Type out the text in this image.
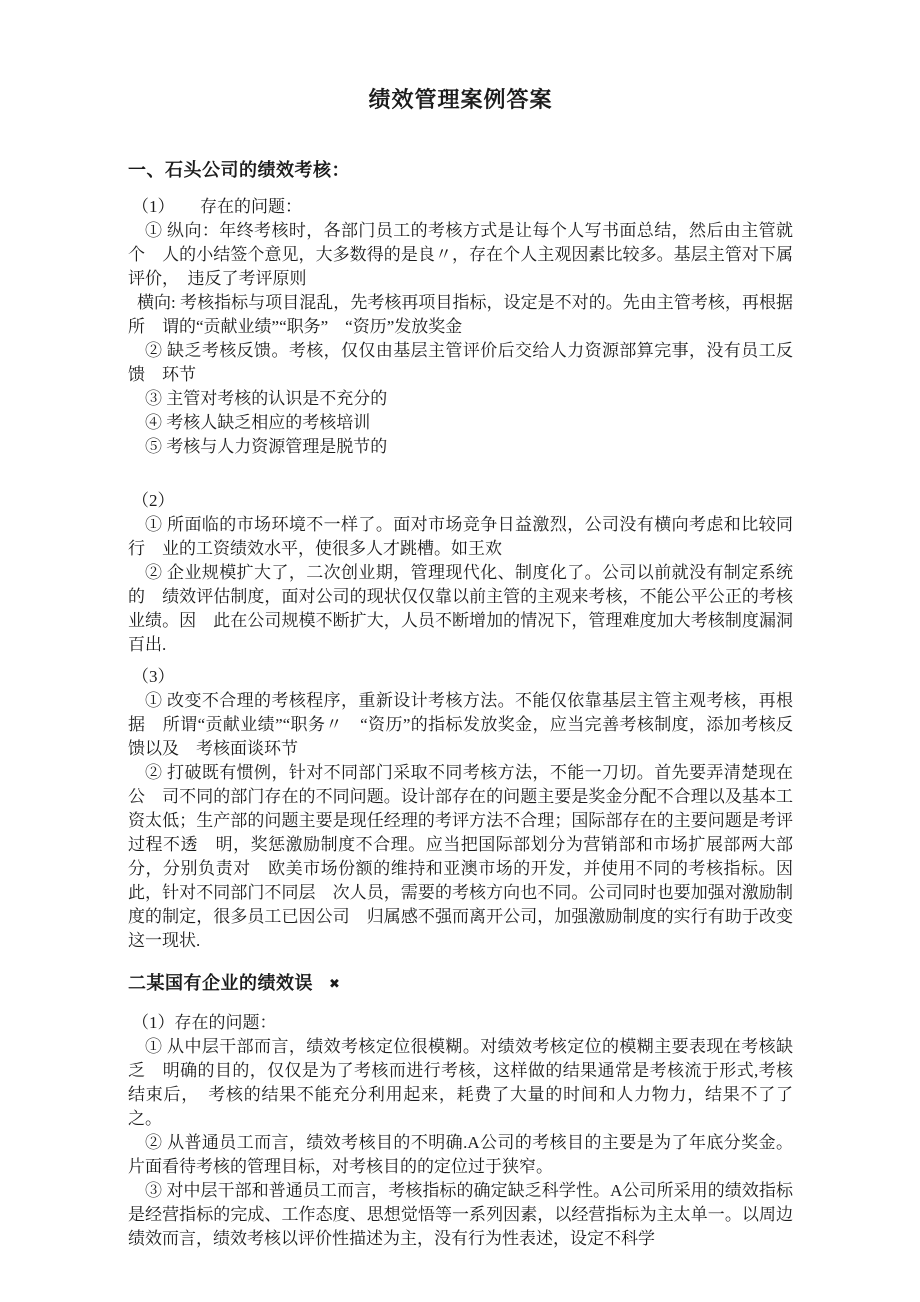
绩效管理案例答案
一、石头公司的绩效考核：

（1）　　存在的问题：

① 纵向：年终考核时，各部门员工的考核方式是让每个人写书面总结，然后由主管就个　人的小结签个意见，大多数得的是良〃，存在个人主观因素比较多。基层主管对下属评价，　违反了考评原则

横向: 考核指标与项目混乱，先考核再项目指标，设定是不对的。先由主管考核，再根据所　谓的“贡献业绩”“职务”　“资历”发放奖金

② 缺乏考核反馈。考核，仅仅由基层主管评价后交给人力资源部算完事，没有员工反馈　环节

③ 主管对考核的认识是不充分的

④ 考核人缺乏相应的考核培训

⑤ 考核与人力资源管理是脱节的

（2）

① 所面临的市场环境不一样了。面对市场竞争日益激烈，公司没有横向考虑和比较同行　业的工资绩效水平，使很多人才跳槽。如王欢

② 企业规模扩大了，二次创业期，管理现代化、制度化了。公司以前就没有制定系统的　绩效评估制度，面对公司的现状仅仅靠以前主管的主观来考核，不能公平公正的考核业绩。因　此在公司规模不断扩大，人员不断增加的情况下，管理难度加大考核制度漏洞百出.

（3）

① 改变不合理的考核程序，重新设计考核方法。不能仅依靠基层主管主观考核，再根据　所谓“贡献业绩”“职务〃　“资历”的指标发放奖金，应当完善考核制度，添加考核反馈以及　考核面谈环节

② 打破既有惯例，针对不同部门采取不同考核方法，不能一刀切。首先要弄清楚现在公　司不同的部门存在的不同问题。设计部存在的问题主要是奖金分配不合理以及基本工资太低；生产部的问题主要是现任经理的考评方法不合理；国际部存在的主要问题是考评过程不透　明，奖惩激励制度不合理。应当把国际部划分为营销部和市场扩展部两大部分，分别负责对　欧美市场份额的维持和亚澳市场的开发，并使用不同的考核指标。因此，针对不同部门不同层　次人员，需要的考核方向也不同。公司同时也要加强对激励制度的制定，很多员工已因公司　归属感不强而离开公司，加强激励制度的实行有助于改变这一现状.

二某国有企业的绩效误 ✖

（1）存在的问题：

① 从中层干部而言，绩效考核定位很模糊。对绩效考核定位的模糊主要表现在考核缺乏　明确的目的，仅仅是为了考核而进行考核，这样做的结果通常是考核流于形式,考核结束后，　考核的结果不能充分利用起来，耗费了大量的时间和人力物力，结果不了了之。

② 从普通员工而言，绩效考核目的不明确.A公司的考核目的主要是为了年底分奖金。片面看待考核的管理目标，对考核目的的定位过于狭窄。

③ 对中层干部和普通员工而言，考核指标的确定缺乏科学性。A公司所采用的绩效指标是经营指标的完成、工作态度、思想觉悟等一系列因素，以经营指标为主太单一。以周边绩效而言，绩效考核以评价性描述为主，没有行为性表述，设定不科学
